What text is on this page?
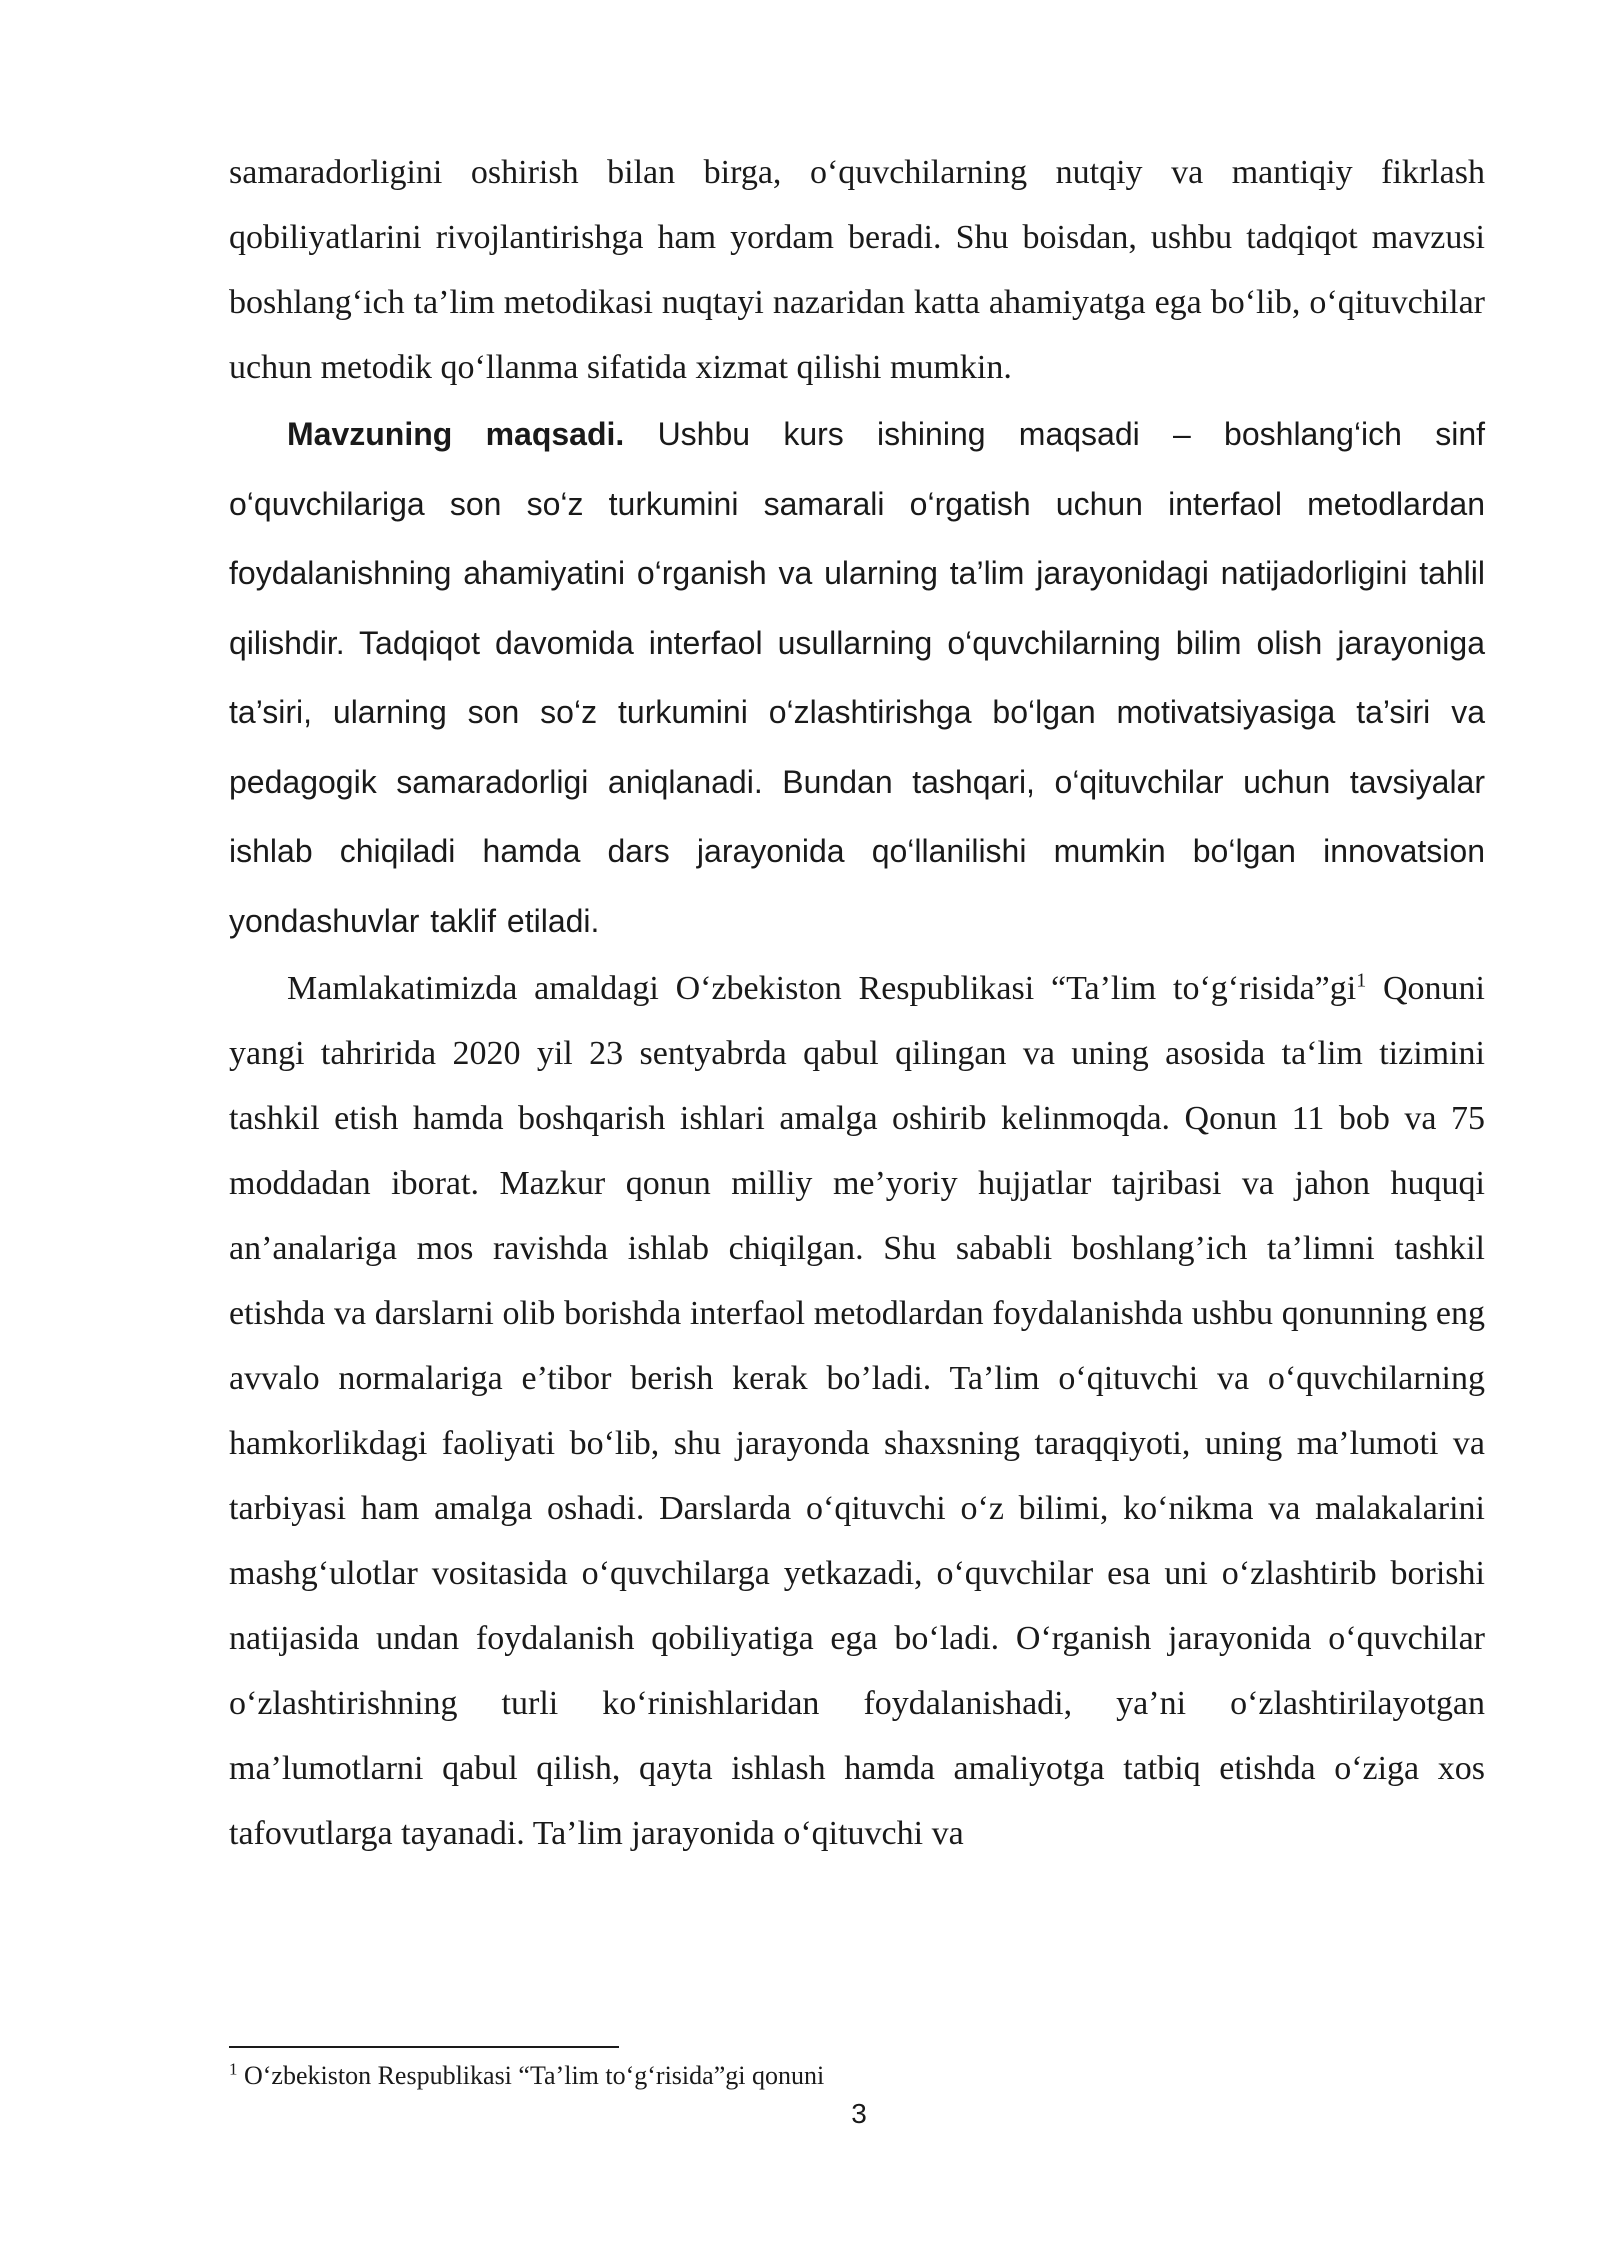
samaradorligini oshirish bilan birga, o‘quvchilarning nutqiy va mantiqiy fikrlash qobiliyatlarini rivojlantirishga ham yordam beradi. Shu boisdan, ushbu tadqiqot mavzusi boshlang‘ich ta’lim metodikasi nuqtayi nazaridan katta ahamiyatga ega bo‘lib, o‘qituvchilar uchun metodik qo‘llanma sifatida xizmat qilishi mumkin.

Mavzuning maqsadi. Ushbu kurs ishining maqsadi – boshlang‘ich sinf o‘quvchilariga son so‘z turkumini samarali o‘rgatish uchun interfaol metodlardan foydalanishning ahamiyatini o‘rganish va ularning ta’lim jarayonidagi natijadorligini tahlil qilishdir. Tadqiqot davomida interfaol usullarning o‘quvchilarning bilim olish jarayoniga ta’siri, ularning son so‘z turkumini o‘zlashtirishga bo‘lgan motivatsiyasiga ta’siri va pedagogik samaradorligi aniqlanadi. Bundan tashqari, o‘qituvchilar uchun tavsiyalar ishlab chiqiladi hamda dars jarayonida qo‘llanilishi mumkin bo‘lgan innovatsion yondashuvlar taklif etiladi.

Mamlakatimizda amaldagi O‘zbekiston Respublikasi “Ta’lim to‘g‘risida”gi$^1$ Qonuni yangi tahririda 2020 yil 23 sentyabrda qabul qilingan va uning asosida ta‘lim tizimini tashkil etish hamda boshqarish ishlari amalga oshirib kelinmoqda. Qonun 11 bob va 75 moddadan iborat. Mazkur qonun milliy me’yoriy hujjatlar tajribasi va jahon huquqi an’analariga mos ravishda ishlab chiqilgan. Shu sababli boshlang’ich ta’limni tashkil etishda va darslarni olib borishda interfaol metodlardan foydalanishda ushbu qonunning eng avvalo normalariga e’tibor berish kerak bo’ladi. Ta’lim o‘qituvchi va o‘quvchilarning hamkorlikdagi faoliyati bo‘lib, shu jarayonda shaxsning taraqqiyoti, uning ma’lumoti va tarbiyasi ham amalga oshadi. Darslarda o‘qituvchi o‘z bilimi, ko‘nikma va malakalarini mashg‘ulotlar vositasida o‘quvchilarga yetkazadi, o‘quvchilar esa uni o‘zlashtirib borishi natijasida undan foydalanish qobiliyatiga ega bo‘ladi. O‘rganish jarayonida o‘quvchilar o‘zlashtirishning turli ko‘rinishlaridan foydalanishadi, ya’ni o‘zlashtirilayotgan ma’lumotlarni qabul qilish, qayta ishlash hamda amaliyotga tatbiq etishda o‘ziga xos tafovutlarga tayanadi. Ta’lim jarayonida o‘qituvchi va

$^1$ O‘zbekiston Respublikasi “Ta’lim to‘g‘risida”gi qonuni
3
